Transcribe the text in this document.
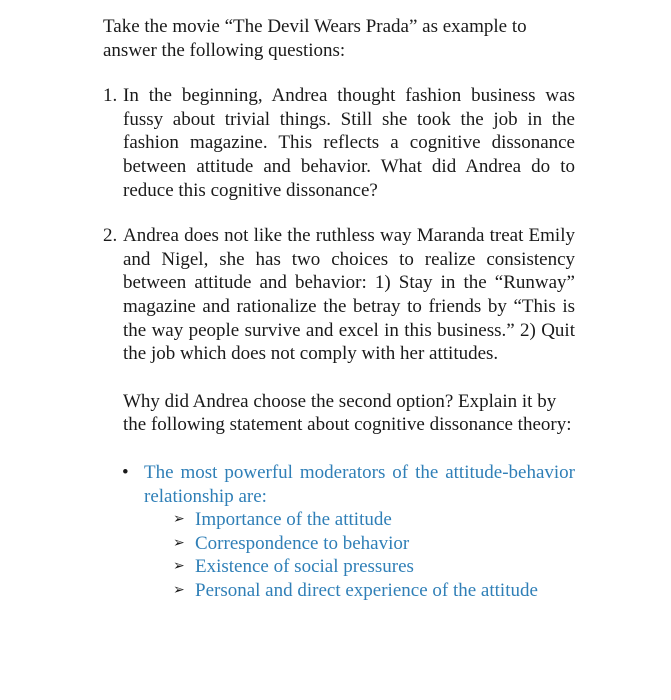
Take the movie “The Devil Wears Prada” as example to answer the following questions:

1. In the beginning, Andrea thought fashion business was fussy about trivial things. Still she took the job in the fashion magazine. This reflects a cognitive dissonance between attitude and behavior. What did Andrea do to reduce this cognitive dissonance?
2. Andrea does not like the ruthless way Maranda treat Emily and Nigel, she has two choices to realize consistency between attitude and behavior: 1) Stay in the “Runway” magazine and rationalize the betray to friends by “This is the way people survive and excel in this business.” 2) Quit the job which does not comply with her attitudes.
Why did Andrea choose the second option? Explain it by the following statement about cognitive dissonance theory:
• The most powerful moderators of the attitude-behavior relationship are:
➢ Importance of the attitude
➢ Correspondence to behavior
➢ Existence of social pressures
➢ Personal and direct experience of the attitude
